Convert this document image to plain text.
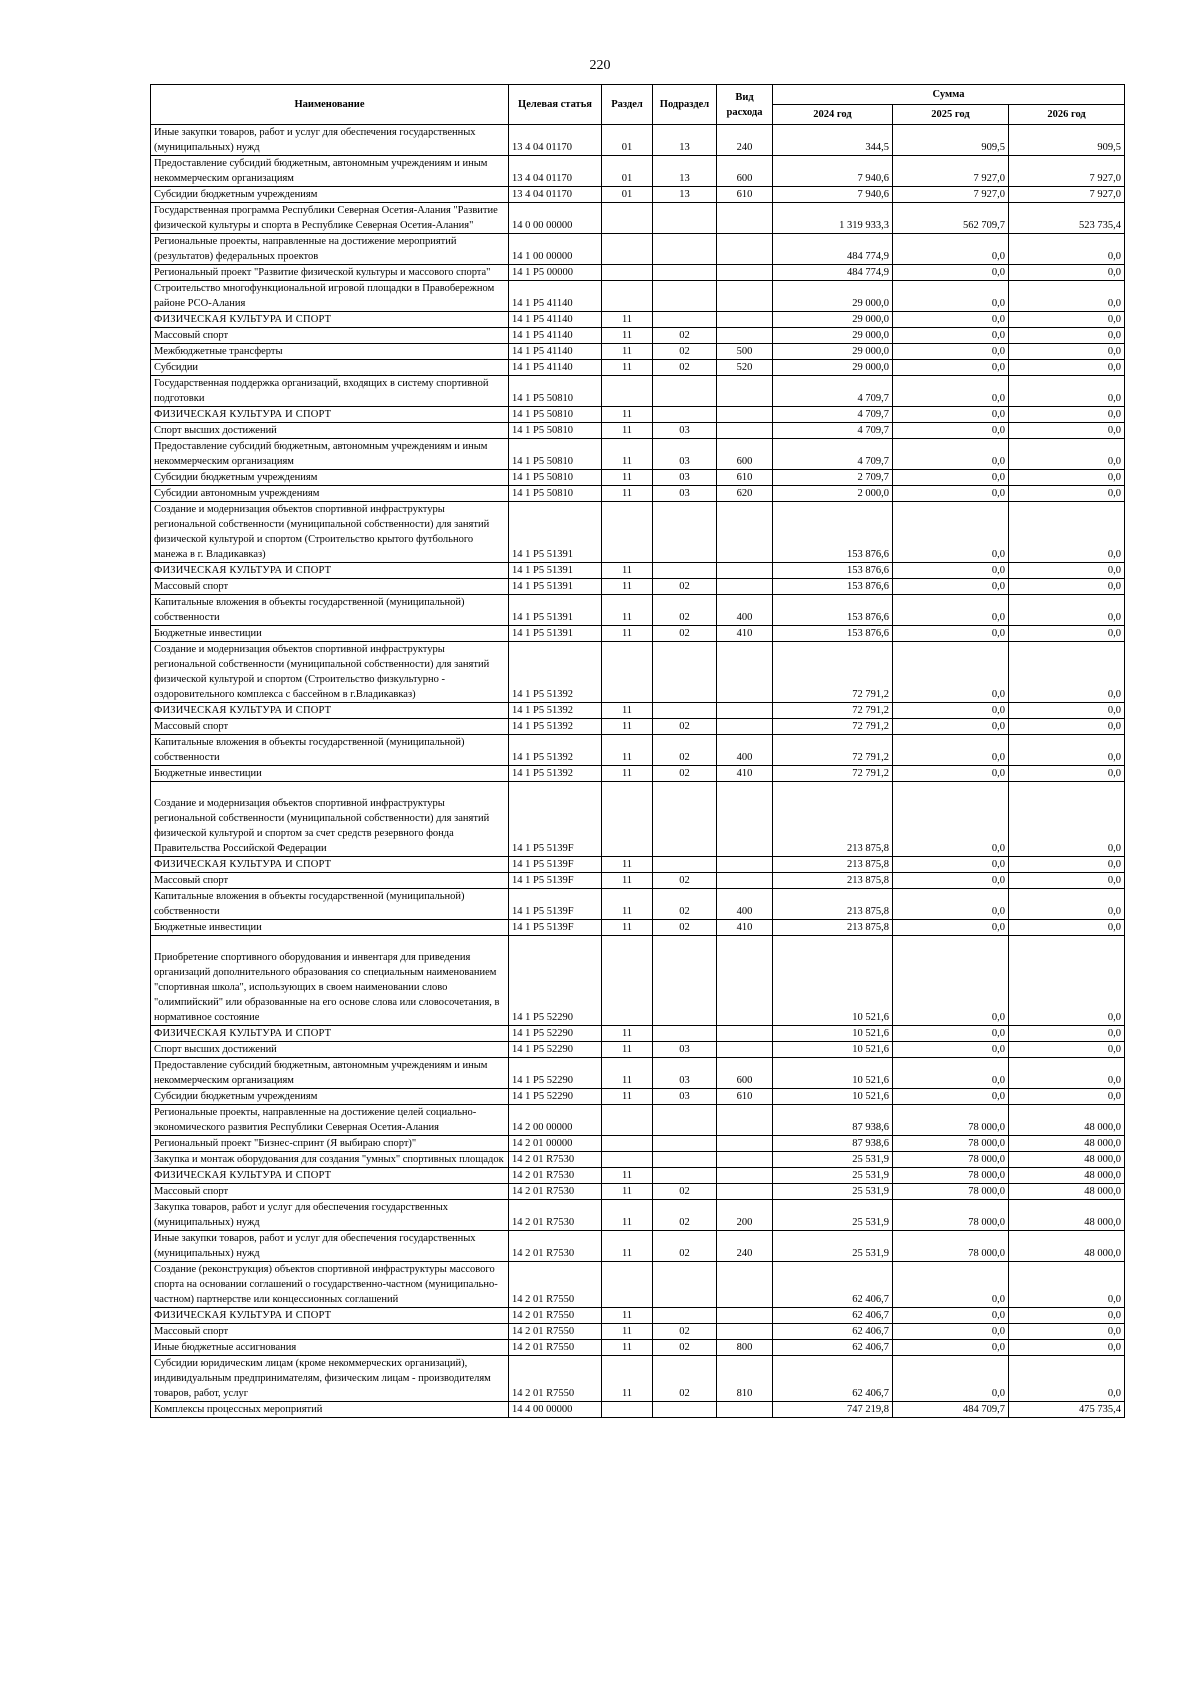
220
Наименование	Целевая статья	Раздел	Подраздел	Вид расхода	Сумма		
					2024 год	2025 год	2026 год
Иные закупки товаров, работ и услуг для обеспечения государственных (муниципальных) нужд	13 4 04 01170	01	13	240	344,5	909,5	909,5
Предоставление субсидий бюджетным, автономным учреждениям и иным некоммерческим организациям	13 4 04 01170	01	13	600	7 940,6	7 927,0	7 927,0
Субсидии бюджетным учреждениям	13 4 04 01170	01	13	610	7 940,6	7 927,0	7 927,0
Государственная программа Республики Северная Осетия-Алания "Развитие физической культуры и спорта в Республике Северная Осетия-Алания"	14 0 00 00000				1 319 933,3	562 709,7	523 735,4
Региональные проекты, направленные на достижение мероприятий (результатов) федеральных проектов	14 1 00 00000				484 774,9	0,0	0,0
Региональный проект "Развитие физической культуры и массового спорта"	14 1 P5 00000				484 774,9	0,0	0,0
Строительство многофункциональной игровой площадки в Правобережном районе РСО-Алания	14 1 P5 41140				29 000,0	0,0	0,0
ФИЗИЧЕСКАЯ КУЛЬТУРА И СПОРТ	14 1 P5 41140	11			29 000,0	0,0	0,0
Массовый спорт	14 1 P5 41140	11	02		29 000,0	0,0	0,0
Межбюджетные трансферты	14 1 P5 41140	11	02	500	29 000,0	0,0	0,0
Субсидии	14 1 P5 41140	11	02	520	29 000,0	0,0	0,0
Государственная поддержка организаций, входящих в систему спортивной подготовки	14 1 P5 50810				4 709,7	0,0	0,0
ФИЗИЧЕСКАЯ КУЛЬТУРА И СПОРТ	14 1 P5 50810	11			4 709,7	0,0	0,0
Спорт высших достижений	14 1 P5 50810	11	03		4 709,7	0,0	0,0
Предоставление субсидий бюджетным, автономным учреждениям и иным некоммерческим организациям	14 1 P5 50810	11	03	600	4 709,7	0,0	0,0
Субсидии бюджетным учреждениям	14 1 P5 50810	11	03	610	2 709,7	0,0	0,0
Субсидии автономным учреждениям	14 1 P5 50810	11	03	620	2 000,0	0,0	0,0
Создание и модернизация объектов спортивной инфраструктуры региональной собственности (муниципальной собственности) для занятий физической культурой и спортом (Строительство крытого футбольного манежа в г. Владикавказ)	14 1 P5 51391				153 876,6	0,0	0,0
ФИЗИЧЕСКАЯ КУЛЬТУРА И СПОРТ	14 1 P5 51391	11			153 876,6	0,0	0,0
Массовый спорт	14 1 P5 51391	11	02		153 876,6	0,0	0,0
Капитальные вложения в объекты государственной (муниципальной) собственности	14 1 P5 51391	11	02	400	153 876,6	0,0	0,0
Бюджетные инвестиции	14 1 P5 51391	11	02	410	153 876,6	0,0	0,0
Создание и модернизация объектов спортивной инфраструктуры региональной собственности (муниципальной собственности) для занятий физической культурой и спортом (Строительство физкультурно - оздоровительного комплекса с бассейном в г.Владикавказ)	14 1 P5 51392				72 791,2	0,0	0,0
ФИЗИЧЕСКАЯ КУЛЬТУРА И СПОРТ	14 1 P5 51392	11			72 791,2	0,0	0,0
Массовый спорт	14 1 P5 51392	11	02		72 791,2	0,0	0,0
Капитальные вложения в объекты государственной (муниципальной) собственности	14 1 P5 51392	11	02	400	72 791,2	0,0	0,0
Бюджетные инвестиции	14 1 P5 51392	11	02	410	72 791,2	0,0	0,0
Создание и модернизация объектов спортивной инфраструктуры региональной собственности (муниципальной собственности) для занятий физической культурой и спортом за счет средств резервного фонда Правительства Российской Федерации	14 1 P5 5139F				213 875,8	0,0	0,0
ФИЗИЧЕСКАЯ КУЛЬТУРА И СПОРТ	14 1 P5 5139F	11			213 875,8	0,0	0,0
Массовый спорт	14 1 P5 5139F	11	02		213 875,8	0,0	0,0
Капитальные вложения в объекты государственной (муниципальной) собственности	14 1 P5 5139F	11	02	400	213 875,8	0,0	0,0
Бюджетные инвестиции	14 1 P5 5139F	11	02	410	213 875,8	0,0	0,0
Приобретение спортивного оборудования и инвентаря для приведения организаций дополнительного образования со специальным наименованием "спортивная школа", использующих в своем наименовании слово "олимпийский" или образованные на его основе слова или словосочетания, в нормативное состояние	14 1 P5 52290				10 521,6	0,0	0,0
ФИЗИЧЕСКАЯ КУЛЬТУРА И СПОРТ	14 1 P5 52290	11			10 521,6	0,0	0,0
Спорт высших достижений	14 1 P5 52290	11	03		10 521,6	0,0	0,0
Предоставление субсидий бюджетным, автономным учреждениям и иным некоммерческим организациям	14 1 P5 52290	11	03	600	10 521,6	0,0	0,0
Субсидии бюджетным учреждениям	14 1 P5 52290	11	03	610	10 521,6	0,0	0,0
Региональные проекты, направленные на достижение целей социально-экономического развития Республики Северная Осетия-Алания	14 2 00 00000				87 938,6	78 000,0	48 000,0
Региональный проект "Бизнес-спринт (Я выбираю спорт)"	14 2 01 00000				87 938,6	78 000,0	48 000,0
Закупка и монтаж оборудования для создания "умных" спортивных площадок	14 2 01 R7530				25 531,9	78 000,0	48 000,0
ФИЗИЧЕСКАЯ КУЛЬТУРА И СПОРТ	14 2 01 R7530	11			25 531,9	78 000,0	48 000,0
Массовый спорт	14 2 01 R7530	11	02		25 531,9	78 000,0	48 000,0
Закупка товаров, работ и услуг для обеспечения государственных (муниципальных) нужд	14 2 01 R7530	11	02	200	25 531,9	78 000,0	48 000,0
Иные закупки товаров, работ и услуг для обеспечения государственных (муниципальных) нужд	14 2 01 R7530	11	02	240	25 531,9	78 000,0	48 000,0
Создание (реконструкция) объектов спортивной инфраструктуры массового спорта на основании соглашений о государственно-частном (муниципально-частном) партнерстве или концессионных соглашений	14 2 01 R7550				62 406,7	0,0	0,0
ФИЗИЧЕСКАЯ КУЛЬТУРА И СПОРТ	14 2 01 R7550	11			62 406,7	0,0	0,0
Массовый спорт	14 2 01 R7550	11	02		62 406,7	0,0	0,0
Иные бюджетные ассигнования	14 2 01 R7550	11	02	800	62 406,7	0,0	0,0
Субсидии юридическим лицам (кроме некоммерческих организаций), индивидуальным предпринимателям, физическим лицам - производителям товаров, работ, услуг	14 2 01 R7550	11	02	810	62 406,7	0,0	0,0
Комплексы процессных мероприятий	14 4 00 00000				747 219,8	484 709,7	475 735,4
